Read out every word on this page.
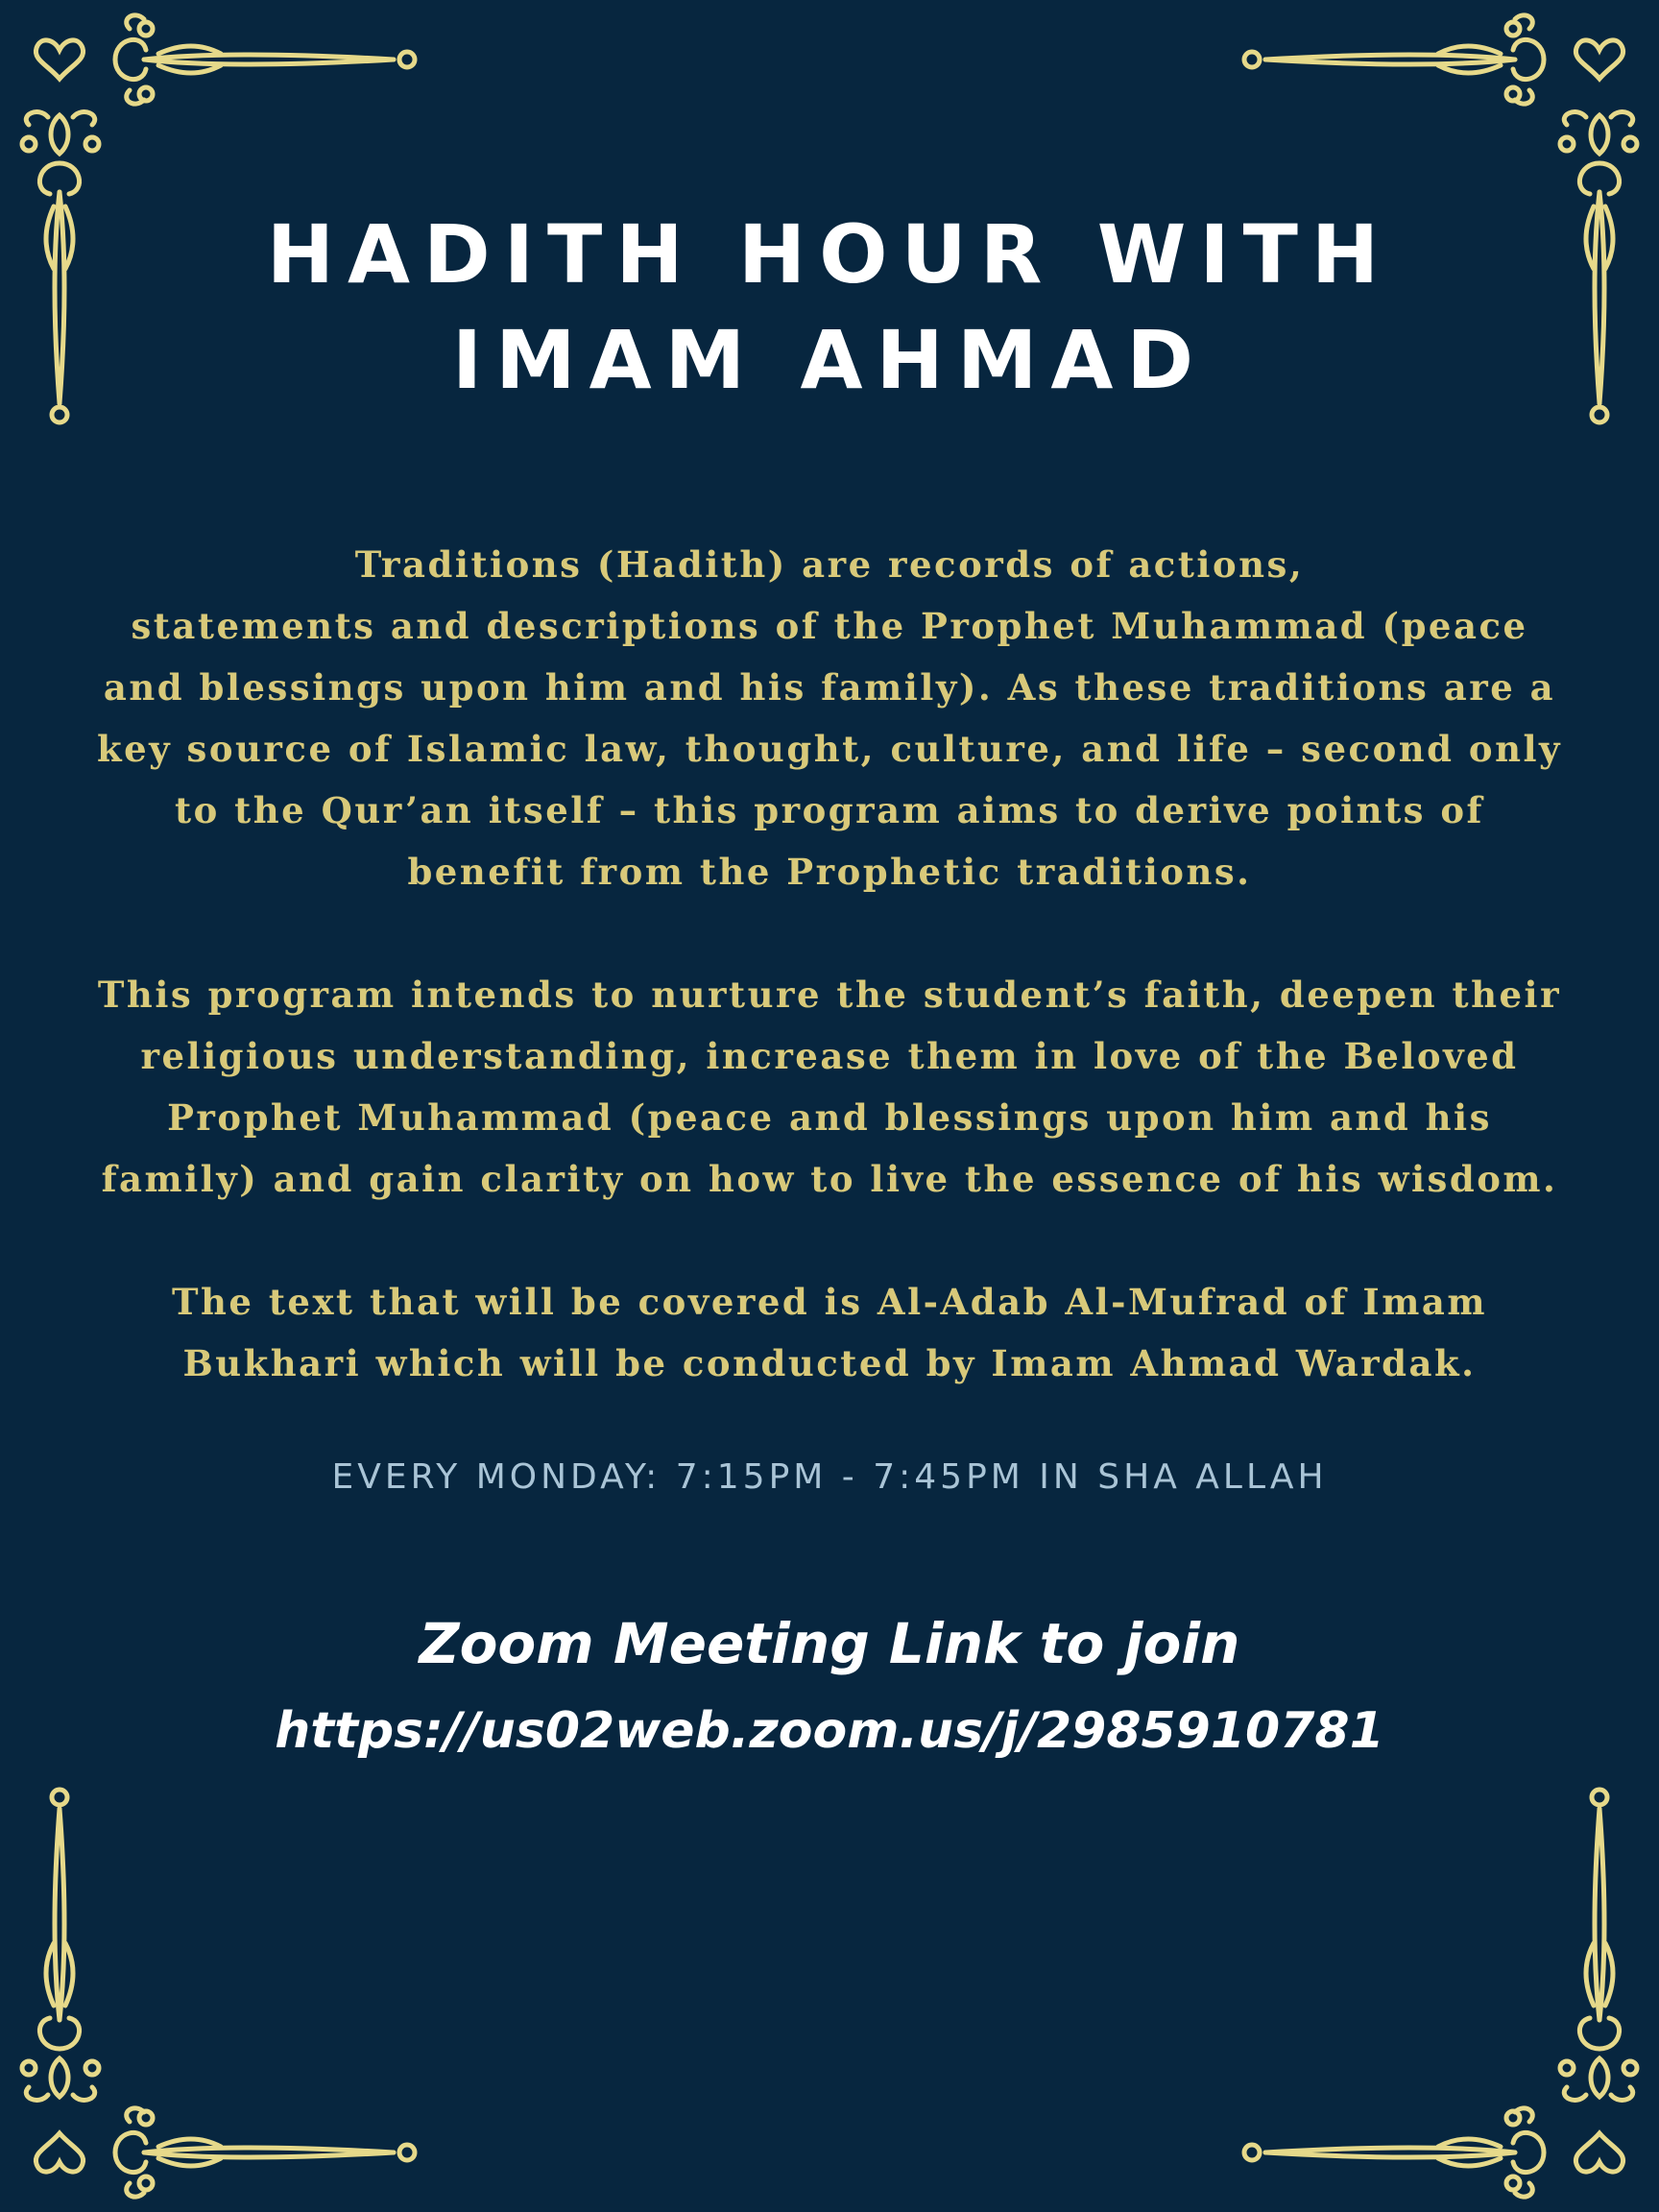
HADITH HOUR WITH
IMAM AHMAD
Traditions (Hadith) are records of actions,
statements and descriptions of the Prophet Muhammad (peace
and blessings upon him and his family). As these traditions are a
key source of Islamic law, thought, culture, and life – second only
to the Qur’an itself – this program aims to derive points of
benefit from the Prophetic traditions.
This program intends to nurture the student’s faith, deepen their
religious understanding, increase them in love of the Beloved
Prophet Muhammad (peace and blessings upon him and his
family) and gain clarity on how to live the essence of his wisdom.
The text that will be covered is Al-Adab Al-Mufrad of Imam
Bukhari which will be conducted by Imam Ahmad Wardak.
EVERY MONDAY: 7:15PM - 7:45PM IN SHA ALLAH
Zoom Meeting Link to join
https://us02web.zoom.us/j/2985910781
